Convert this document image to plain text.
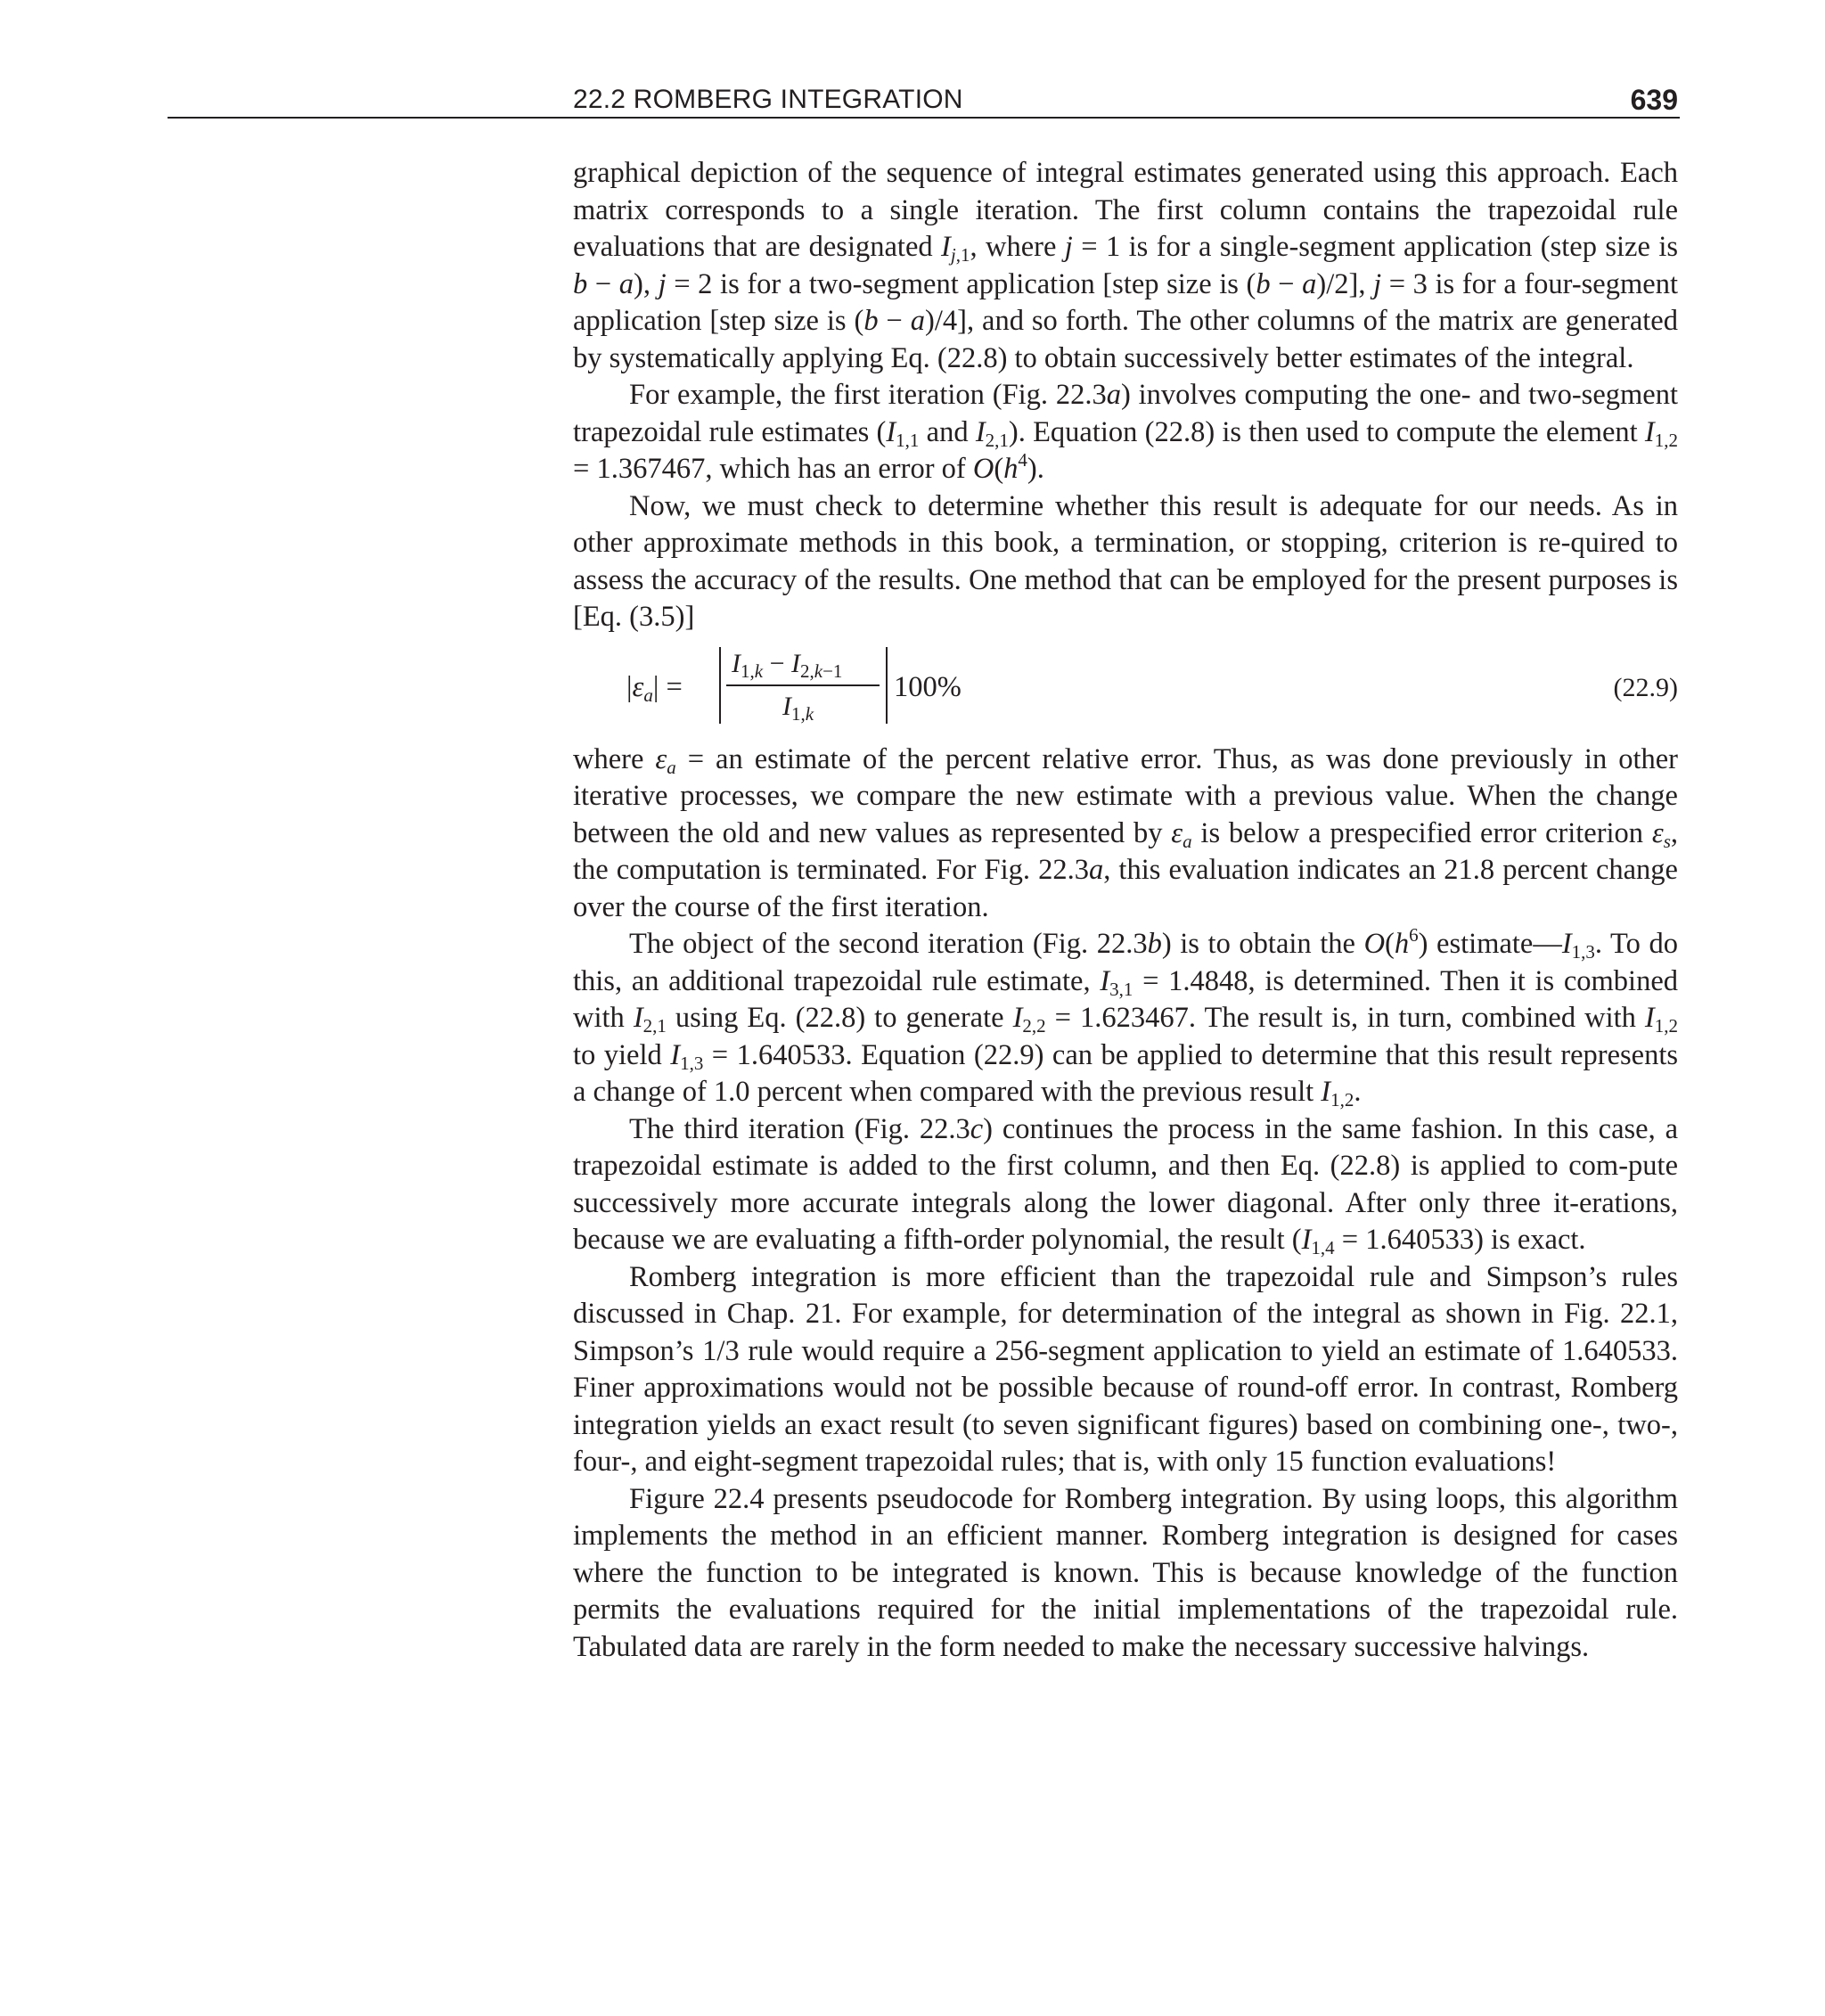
22.2 ROMBERG INTEGRATION	639

graphical depiction of the sequence of integral estimates generated using this approach. Each matrix corresponds to a single iteration. The first column contains the trapezoidal rule evaluations that are designated $I_{j,1}$, where j = 1 is for a single-segment application (step size is b − a), j = 2 is for a two-segment application [step size is (b − a)/2], j = 3 is for a four-segment application [step size is (b − a)/4], and so forth. The other columns of the matrix are generated by systematically applying Eq. (22.8) to obtain successively better estimates of the integral.

For example, the first iteration (Fig. 22.3a) involves computing the one- and two-segment trapezoidal rule estimates ($I_{1,1}$ and $I_{2,1}$). Equation (22.8) is then used to compute the element $I_{1,2} = 1.367467$, which has an error of $O(h^4)$.

Now, we must check to determine whether this result is adequate for our needs. As in other approximate methods in this book, a termination, or stopping, criterion is re-quired to assess the accuracy of the results. One method that can be employed for the present purposes is [Eq. (3.5)]

$|\varepsilon_a|$ =
$I_{1,k} - I_{2,k-1}$
$I_{1,k}$
100%	(22.9)

where $\varepsilon_a$ = an estimate of the percent relative error. Thus, as was done previously in other iterative processes, we compare the new estimate with a previous value. When the change between the old and new values as represented by $\varepsilon_a$ is below a prespecified error criterion $\varepsilon_s$, the computation is terminated. For Fig. 22.3a, this evaluation indicates an 21.8 percent change over the course of the first iteration.

The object of the second iteration (Fig. 22.3b) is to obtain the $O(h^6)$ $estimate—I_{1,3}$. To do this, an additional trapezoidal rule estimate, $I_{3,1} = 1.4848$, is determined. Then it is combined with $I_{2,1}$ using Eq. (22.8) to generate $I_{2,2} = 1.623467$. The result is, in turn, combined with $I_{1,2}$ to yield $I_{1,3} = 1.640533$. Equation (22.9) can be applied to determine that this result represents a change of 1.0 percent when compared with the previous result $I_{1,2}$.

The third iteration (Fig. 22.3c) continues the process in the same fashion. In this case, a trapezoidal estimate is added to the first column, and then Eq. (22.8) is applied to com-pute successively more accurate integrals along the lower diagonal. After only three it-erations, because we are evaluating a fifth-order polynomial, the result $(I_{1,4} = 1.640533)$ is exact.

Romberg integration is more efficient than the trapezoidal rule and Simpson’s rules discussed in Chap. 21. For example, for determination of the integral as shown in Fig. 22.1, Simpson’s 1/3 rule would require a 256-segment application to yield an estimate of 1.640533. Finer approximations would not be possible because of round-off error. In contrast, Romberg integration yields an exact result (to seven significant figures) based on combining one-, two-, four-, and eight-segment trapezoidal rules; that is, with only 15 function evaluations!

Figure 22.4 presents pseudocode for Romberg integration. By using loops, this algorithm implements the method in an efficient manner. Romberg integration is designed for cases where the function to be integrated is known. This is because knowledge of the function permits the evaluations required for the initial implementations of the trapezoidal rule. Tabulated data are rarely in the form needed to make the necessary successive halvings.
